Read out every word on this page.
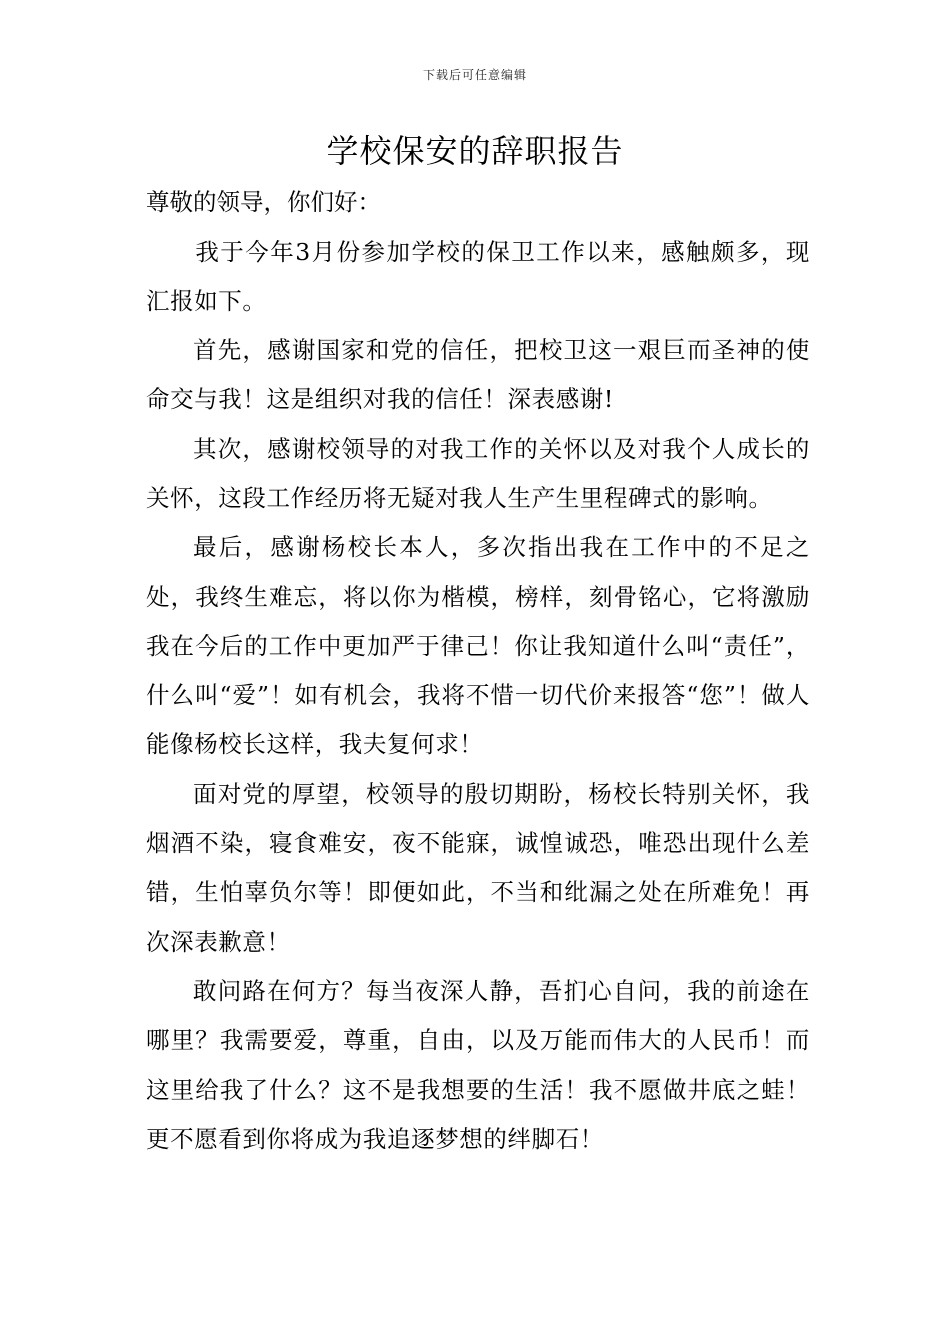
下载后可任意编辑
学校保安的辞职报告

尊敬的领导，你们好：

我于今年3月份参加学校的保卫工作以来，感触颇多，现汇报如下。

首先，感谢国家和党的信任，把校卫这一艰巨而圣神的使命交与我！这是组织对我的信任！深表感谢!

其次，感谢校领导的对我工作的关怀以及对我个人成长的关怀，这段工作经历将无疑对我人生产生里程碑式的影响。

最后，感谢杨校长本人，多次指出我在工作中的不足之处，我终生难忘，将以你为楷模，榜样，刻骨铭心，它将激励我在今后的工作中更加严于律己！你让我知道什么叫“责任”，什么叫“爱”！如有机会，我将不惜一切代价来报答“您”！做人能像杨校长这样，我夫复何求！

面对党的厚望，校领导的殷切期盼，杨校长特别关怀，我烟酒不染，寝食难安，夜不能寐，诚惶诚恐，唯恐出现什么差错，生怕辜负尔等！即便如此，不当和纰漏之处在所难免！再次深表歉意！

敢问路在何方？每当夜深人静，吾扪心自问，我的前途在哪里？我需要爱，尊重，自由，以及万能而伟大的人民币！而这里给我了什么？这不是我想要的生活！我不愿做井底之蛙！更不愿看到你将成为我追逐梦想的绊脚石！
